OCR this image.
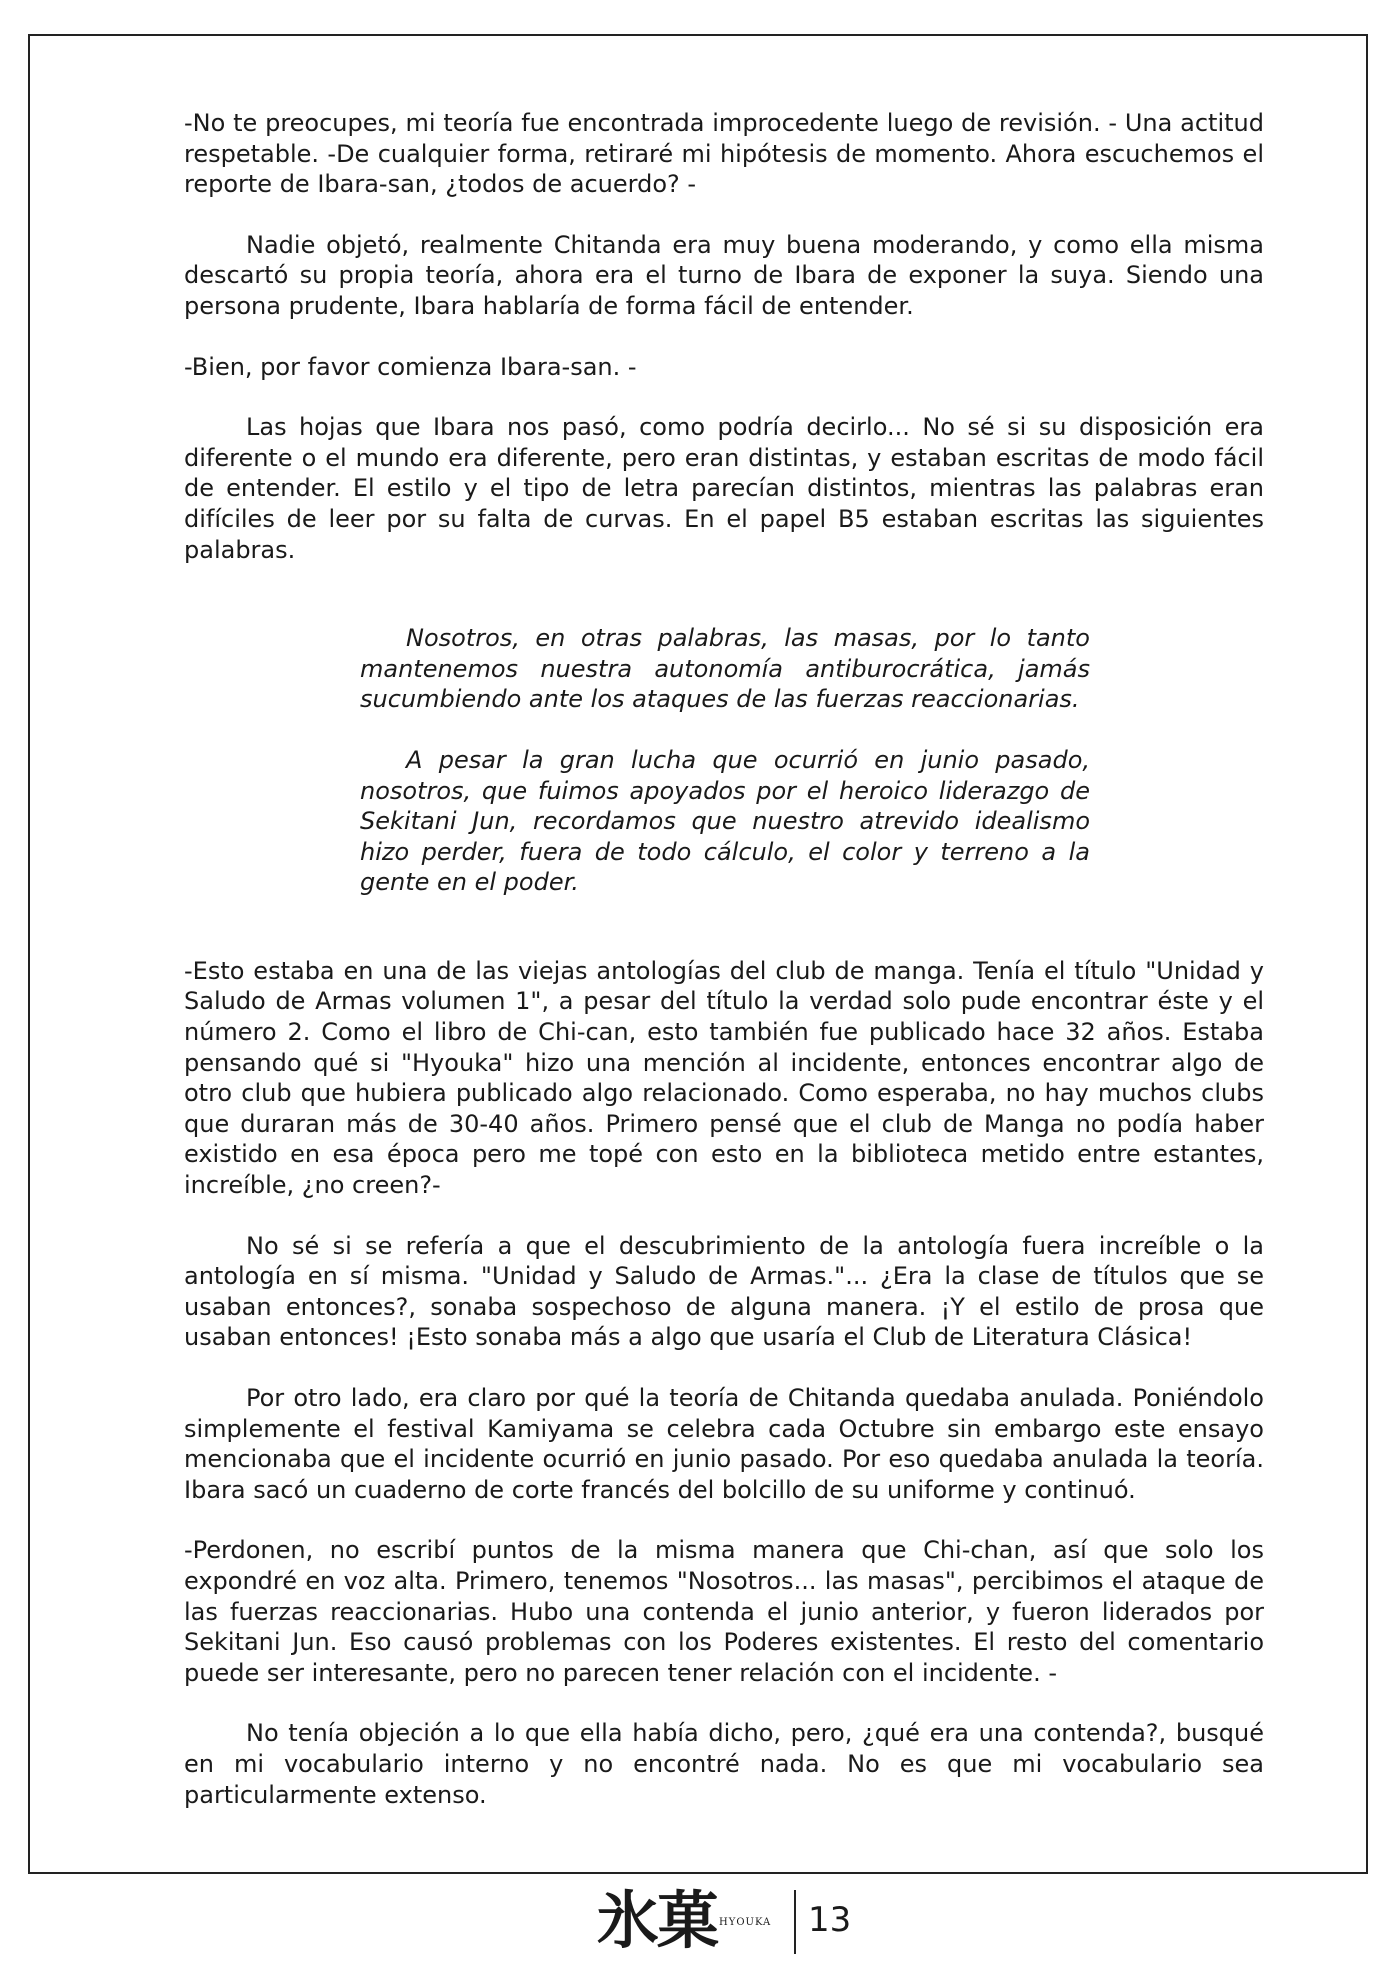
-No te preocupes, mi teoría fue encontrada improcedente luego de revisión. - Una actitud respetable. -De cualquier forma, retiraré mi hipótesis de momento. Ahora escuchemos el reporte de Ibara-san, ¿todos de acuerdo? -

Nadie objetó, realmente Chitanda era muy buena moderando, y como ella misma descartó su propia teoría, ahora era el turno de Ibara de exponer la suya. Siendo una persona prudente, Ibara hablaría de forma fácil de entender.

-Bien, por favor comienza Ibara-san. -

Las hojas que Ibara nos pasó, como podría decirlo... No sé si su disposición era diferente o el mundo era diferente, pero eran distintas, y estaban escritas de modo fácil de entender. El estilo y el tipo de letra parecían distintos, mientras las palabras eran difíciles de leer por su falta de curvas. En el papel B5 estaban escritas las siguientes palabras.

Nosotros, en otras palabras, las masas, por lo tanto mantenemos nuestra autonomía antiburocrática, jamás sucumbiendo ante los ataques de las fuerzas reaccionarias.

A pesar la gran lucha que ocurrió en junio pasado, nosotros, que fuimos apoyados por el heroico liderazgo de Sekitani Jun, recordamos que nuestro atrevido idealismo hizo perder, fuera de todo cálculo, el color y terreno a la gente en el poder.

-Esto estaba en una de las viejas antologías del club de manga. Tenía el título "Unidad y Saludo de Armas volumen 1", a pesar del título la verdad solo pude encontrar éste y el número 2. Como el libro de Chi-can, esto también fue publicado hace 32 años. Estaba pensando qué si "Hyouka" hizo una mención al incidente, entonces encontrar algo de otro club que hubiera publicado algo relacionado. Como esperaba, no hay muchos clubs que duraran más de 30-40 años. Primero pensé que el club de Manga no podía haber existido en esa época pero me topé con esto en la biblioteca metido entre estantes, increíble, ¿no creen?-

No sé si se refería a que el descubrimiento de la antología fuera increíble o la antología en sí misma. "Unidad y Saludo de Armas."... ¿Era la clase de títulos que se usaban entonces?, sonaba sospechoso de alguna manera. ¡Y el estilo de prosa que usaban entonces! ¡Esto sonaba más a algo que usaría el Club de Literatura Clásica!

Por otro lado, era claro por qué la teoría de Chitanda quedaba anulada. Poniéndolo simplemente el festival Kamiyama se celebra cada Octubre sin embargo este ensayo mencionaba que el incidente ocurrió en junio pasado. Por eso quedaba anulada la teoría. Ibara sacó un cuaderno de corte francés del bolcillo de su uniforme y continuó.

-Perdonen, no escribí puntos de la misma manera que Chi-chan, así que solo los expondré en voz alta. Primero, tenemos "Nosotros... las masas", percibimos el ataque de las fuerzas reaccionarias. Hubo una contenda el junio anterior, y fueron liderados por Sekitani Jun. Eso causó problemas con los Poderes existentes. El resto del comentario puede ser interesante, pero no parecen tener relación con el incidente. -

No tenía objeción a lo que ella había dicho, pero, ¿qué era una contenda?, busqué en mi vocabulario interno y no encontré nada. No es que mi vocabulario sea particularmente extenso.

氷菓 HYOUKA 13
